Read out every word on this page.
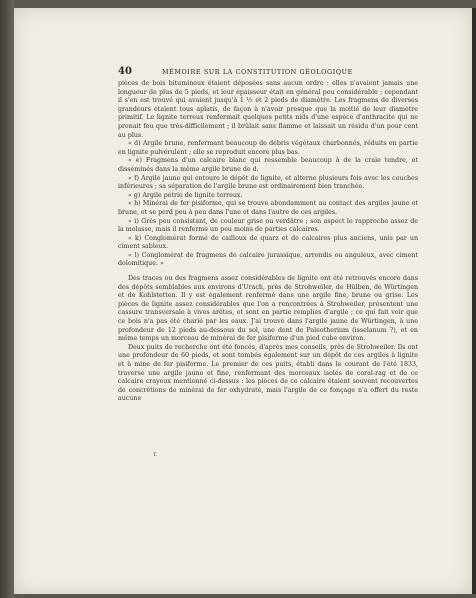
40	MÉMOIRE SUR LA CONSTITUTION GÉOLOGIQUE

pièces de bois bitumineux étaient déposées sans aucun ordre : elles n'avaient jamais une longueur de plus de 5 pieds, et leur épaisseur était en général peu considérable ; cependant il s'en est trouvé qui avaient jusqu'à 1 ½ et 2 pieds de diamètre. Les fragmens de diverses grandeurs étaient tous aplatis, de façon à n'avoir presque que la moitié de leur diamètre primitif. Le lignite terreux renfermait quelques petits nids d'une espèce d'anthracite qui ne prenait feu que très-difficilement ; il brûlait sans flamme et laissait un résidu d'un pour cent au plus.

« d) Argile brune, renfermant beaucoup de débris végétaux charbonnés, réduits en partie en lignite pulvérulent ; elle se reproduit encore plus bas.

« e) Fragmens d'un calcaire blanc qui ressemble beaucoup à de la craie tendre, et disséminés dans la même argile brune de d.

« f) Argile jaune qui entoure le dépôt de lignite, et alterne plusieurs fois avec les couches inférieures ; sa séparation de l'argile brune est ordinairement bien tranchée.

« g) Argile pétrie de lignite terreux.

« h) Minérai de fer pisiforme, qui se trouve abondamment au contact des argiles jaune et brune, et se perd peu à peu dans l'une et dans l'autre de ces argiles.

« i) Grès peu consistant, de couleur grise ou verdâtre ; son aspect le rapproche assez de la molasse, mais il renferme un peu moins de parties calcaires.

« k) Conglomérat formé de cailloux de quarz et de calcaires plus anciens, unis par un ciment sableux.

« l) Conglomérat de fragmens de calcaire jurassique, arrondis ou anguleux, avec ciment dolomitique. »

Des traces ou des fragmens assez considérables de lignite ont été retrouvés encore dans des dépôts semblables aux environs d'Urach, près de Strohweiler, de Hülben, de Würtingen et de Kohlstetten. Il y est également renfermé dans une argile fine, brune ou grise. Les pièces de lignite assez considérables que l'on a rencontrées à Strohweiler, présentent une cassure transversale à vives arêtes, et sont en partie remplies d'argile ; ce qui fait voir que ce bois n'a pas été charié par les eaux. J'ai trouvé dans l'argile jaune de Würtingen, à une profondeur de 12 pieds au-dessous du sol, une dent de Paleotherium (isselanum ?), et en même temps un morceau de minérai de fer pisiforme d'un pied cube environ.

Deux puits de recherche ont été foncés, d'après mes conseils, près de Strohweiler. Ils ont une profondeur de 60 pieds, et sont tombés également sur un dépôt de ces argiles à lignite et à mine de fer pisiforme. Le premier de ces puits, établi dans le courant de l'été 1833, traverse une argile jaune et fine, renfermant des morceaux isolés de coral-rag et de ce calcaire crayeux mentionné ci-dessus : les pièces de ce calcaire étaient souvent recouvertes de concrétions de minérai de fer oxhydraté, mais l'argile de ce fonçage n'a offert du reste aucune

T.
